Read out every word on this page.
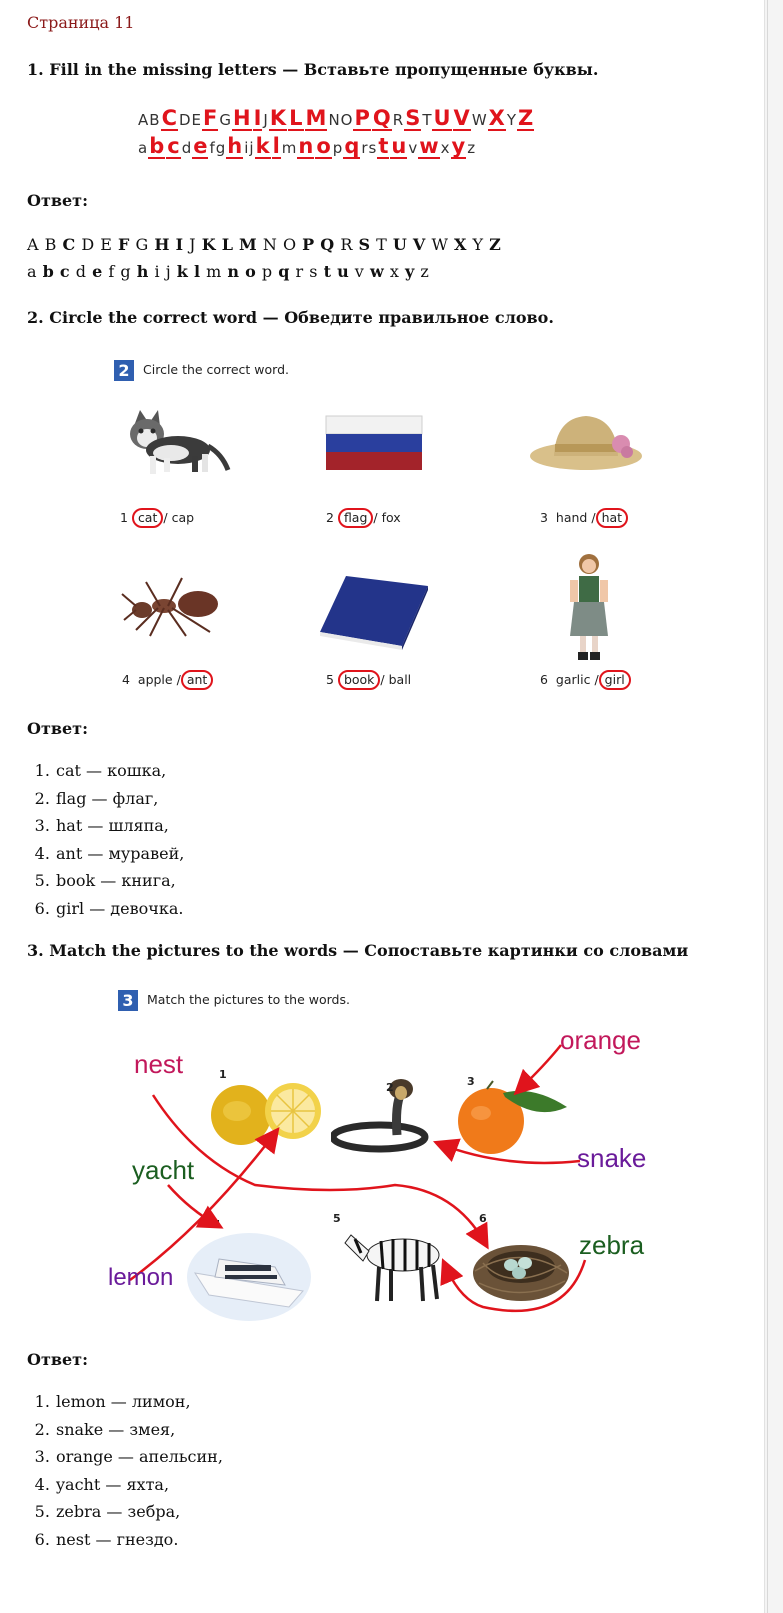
Страница 11
1. Fill in the missing letters — Вставьте пропущенные буквы.
ABC DEF GH I JK L M NOP Q RS TU V WX YZ
ab c de fgh ijk l mn o pq rst u vw xy z
Ответ:
A B C D E F G H I J K L M N O P Q R S T U V W X Y Z
a b c d e f g h i j k l m n o p q r s t u v w x y z
2. Circle the correct word — Обведите правильное слово.
2	Circle the correct word.
1 cat / cap	2 flag / fox	3 hand / hat
4 apple / ant	5 book / ball	6 garlic / girl
Ответ:
1. cat — кошка,
2. flag — флаг,
3. hat — шляпа,
4. ant — муравей,
5. book — книга,
6. girl — девочка.
3. Match the pictures to the words — Сопоставьте картинки со словами
3	Match the pictures to the words.
1
2	3
4	5	6
nest
yacht
lemon
orange
snake
zebra
Ответ:
1. lemon — лимон,
2. snake — змея,
3. orange — апельсин,
4. yacht — яхта,
5. zebra — зебра,
6. nest — гнездо.
